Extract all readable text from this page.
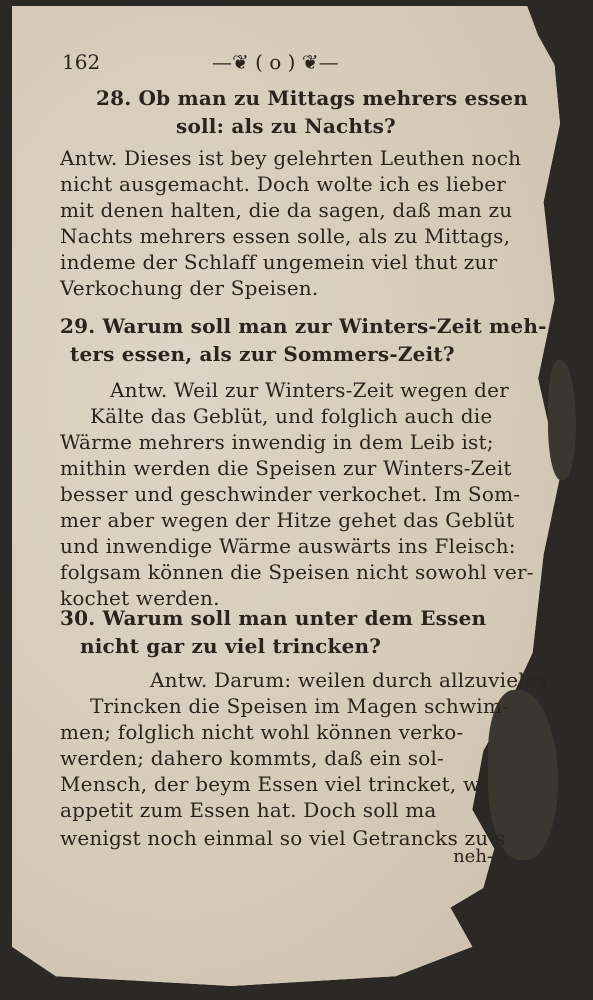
162	—❦ ( o ) ❦—
28. Ob man zu Mittags mehrers essen
soll: als zu Nachts?
Antw. Dieses ist bey gelehrten Leuthen noch
nicht ausgemacht. Doch wolte ich es lieber
mit denen halten, die da sagen, daß man zu
Nachts mehrers essen solle, als zu Mittags,
indeme der Schlaff ungemein viel thut zur
Verkochung der Speisen.
29. Warum soll man zur Winters-Zeit meh-
ters essen, als zur Sommers-Zeit?
Antw. Weil zur Winters-Zeit wegen der
Kälte das Geblüt, und folglich auch die
Wärme mehrers inwendig in dem Leib ist;
mithin werden die Speisen zur Winters-Zeit
besser und geschwinder verkochet. Im Som-
mer aber wegen der Hitze gehet das Geblüt
und inwendige Wärme auswärts ins Fleisch:
folgsam können die Speisen nicht sowohl ver-
kochet werden.
30. Warum soll man unter dem Essen
nicht gar zu viel trincken?
Antw. Darum: weilen durch allzuvieles
Trincken die Speisen im Magen schwim-
men; folglich nicht wohl können verko-
werden; dahero kommts, daß ein sol-
Mensch, der beym Essen viel trincket, w
appetit zum Essen hat. Doch soll ma
wenigst noch einmal so viel Getrancks zu s
neh-
